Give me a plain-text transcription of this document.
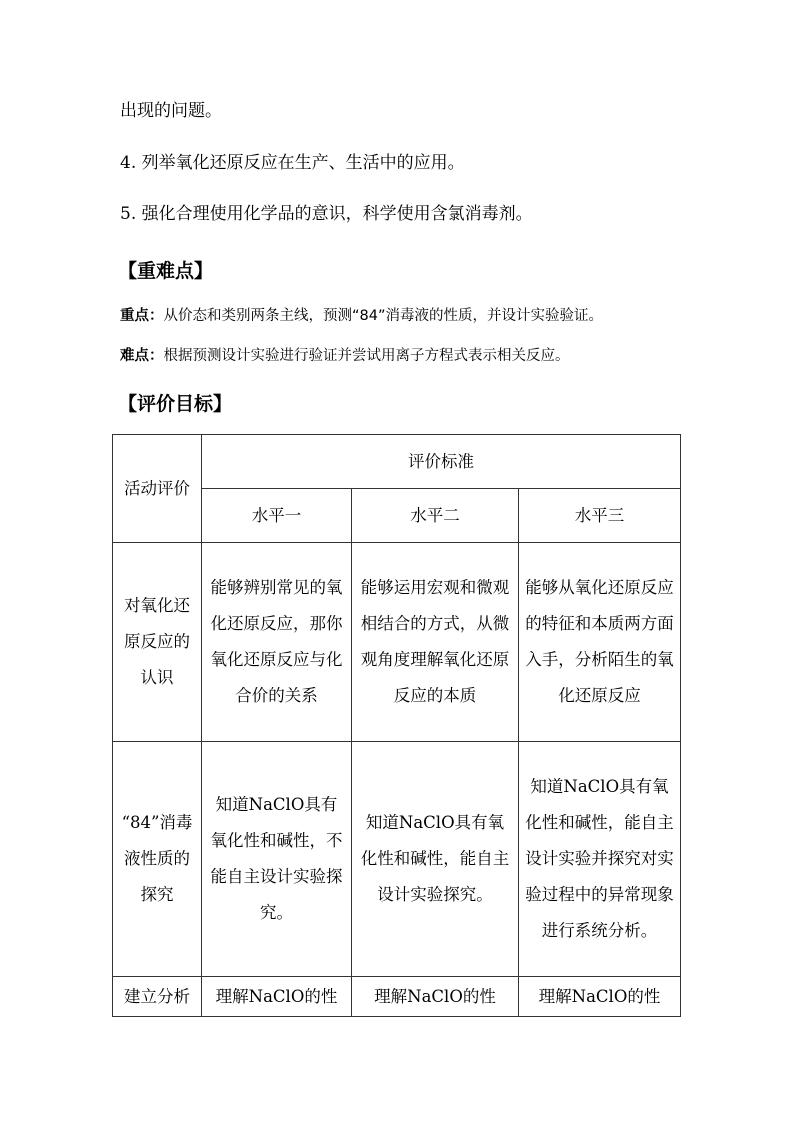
出现的问题。
4. 列举氧化还原反应在生产、生活中的应用。
5. 强化合理使用化学品的意识，科学使用含氯消毒剂。
【重难点】
重点：从价态和类别两条主线，预测“84”消毒液的性质，并设计实验验证。
难点：根据预测设计实验进行验证并尝试用离子方程式表示相关反应。
【评价目标】
活动评价	评价标准		
	水平一	水平二	水平三
对氧化还原反应的认识	能够辨别常见的氧化还原反应，那你氧化还原反应与化合价的关系	能够运用宏观和微观相结合的方式，从微观角度理解氧化还原反应的本质	能够从氧化还原反应的特征和本质两方面入手，分析陌生的氧化还原反应
“84”消毒液性质的探究	知道NaClO具有氧化性和碱性，不能自主设计实验探究。	知道NaClO具有氧化性和碱性，能自主设计实验探究。	知道NaClO具有氧化性和碱性，能自主设计实验并探究对实验过程中的异常现象进行系统分析。
建立分析	理解NaClO的性	理解NaClO的性	理解NaClO的性
